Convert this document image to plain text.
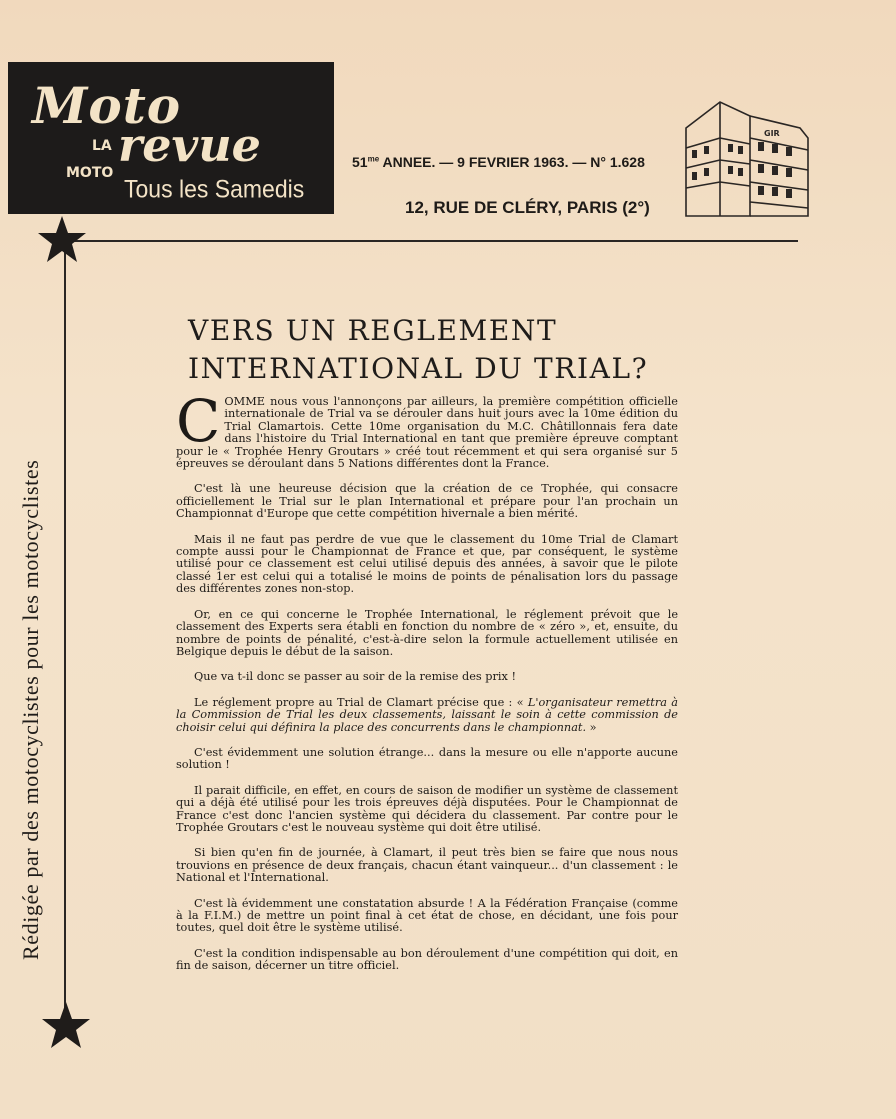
Moto
revue
LA
MOTO
Tous les Samedis
$51^{me}$ ANNEE. — 9 FEVRIER 1963. — N° 1.628
12, RUE DE CLÉRY, PARIS (2°)
GIR
Rédigée par des motocyclistes pour les motocyclistes
VERS UN REGLEMENT
INTERNATIONAL DU TRIAL?

COMME nous vous l'annonçons par ailleurs, la première compétition officielle internationale de Trial va se dérouler dans huit jours avec la 10me édition du Trial Clamartois. Cette 10me organisation du M.C. Châtillonnais fera date dans l'histoire du Trial International en tant que première épreuve comptant pour le « Trophée Henry Groutars » créé tout récemment et qui sera organisé sur 5 épreuves se déroulant dans 5 Nations différentes dont la France.

C'est là une heureuse décision que la création de ce Trophée, qui consacre officiellement le Trial sur le plan International et prépare pour l'an prochain un Championnat d'Europe que cette compétition hivernale a bien mérité.

Mais il ne faut pas perdre de vue que le classement du 10me Trial de Clamart compte aussi pour le Championnat de France et que, par conséquent, le système utilisé pour ce classement est celui utilisé depuis des années, à savoir que le pilote classé 1er est celui qui a totalisé le moins de points de pénalisation lors du passage des différentes zones non-stop.

Or, en ce qui concerne le Trophée International, le réglement prévoit que le classement des Experts sera établi en fonction du nombre de « zéro », et, ensuite, du nombre de points de pénalité, c'est-à-dire selon la formule actuellement utilisée en Belgique depuis le début de la saison.

Que va t-il donc se passer au soir de la remise des prix !

Le réglement propre au Trial de Clamart précise que : « L'organisateur remettra à la Commission de Trial les deux classements, laissant le soin à cette commission de choisir celui qui définira la place des concurrents dans le championnat. »

C'est évidemment une solution étrange... dans la mesure ou elle n'apporte aucune solution !

Il parait difficile, en effet, en cours de saison de modifier un système de classement qui a déjà été utilisé pour les trois épreuves déjà disputées. Pour le Championnat de France c'est donc l'ancien système qui décidera du classement. Par contre pour le Trophée Groutars c'est le nouveau système qui doit être utilisé.

Si bien qu'en fin de journée, à Clamart, il peut très bien se faire que nous nous trouvions en présence de deux français, chacun étant vainqueur... d'un classement : le National et l'International.

C'est là évidemment une constatation absurde ! A la Fédération Française (comme à la F.I.M.) de mettre un point final à cet état de chose, en décidant, une fois pour toutes, quel doit être le système utilisé.

C'est la condition indispensable au bon déroulement d'une compétition qui doit, en fin de saison, décerner un titre officiel.
